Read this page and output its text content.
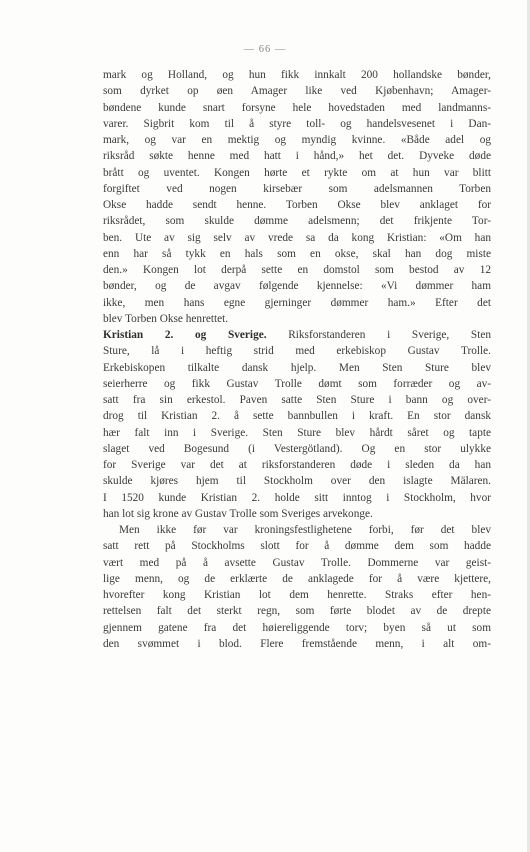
— 66 —
mark og Holland, og hun fikk innkalt 200 hollandske bønder,
som dyrket op øen Amager like ved Kjøbenhavn; Amager-
bøndene kunde snart forsyne hele hovedstaden med landmanns-
varer. Sigbrit kom til å styre toll- og handelsvesenet i Dan-
mark, og var en mektig og myndig kvinne. «Både adel og
riksråd søkte henne med hatt i hånd,» het det. Dyveke døde
brått og uventet. Kongen hørte et rykte om at hun var blitt
forgiftet ved nogen kirsebær som adelsmannen Torben
Okse hadde sendt henne. Torben Okse blev anklaget for
riksrådet, som skulde dømme adelsmenn; det frikjente Tor-
ben. Ute av sig selv av vrede sa da kong Kristian: «Om han
enn har så tykk en hals som en okse, skal han dog miste
den.» Kongen lot derpå sette en domstol som bestod av 12
bønder, og de avgav følgende kjennelse: «Vi dømmer ham
ikke, men hans egne gjerninger dømmer ham.» Efter det
blev Torben Okse henrettet.
Kristian 2. og Sverige. Riksforstanderen i Sverige, Sten
Sture, lå i heftig strid med erkebiskop Gustav Trolle.
Erkebiskopen tilkalte dansk hjelp. Men Sten Sture blev
seierherre og fikk Gustav Trolle dømt som forræder og av-
satt fra sin erkestol. Paven satte Sten Sture i bann og over-
drog til Kristian 2. å sette bannbullen i kraft. En stor dansk
hær falt inn i Sverige. Sten Sture blev hårdt såret og tapte
slaget ved Bogesund (i Vestergötland). Og en stor ulykke
for Sverige var det at riksforstanderen døde i sleden da han
skulde kjøres hjem til Stockholm over den islagte Mälaren.
I 1520 kunde Kristian 2. holde sitt inntog i Stockholm, hvor
han lot sig krone av Gustav Trolle som Sveriges arvekonge.
Men ikke før var kroningsfestlighetene forbi, før det blev
satt rett på Stockholms slott for å dømme dem som hadde
vært med på å avsette Gustav Trolle. Dommerne var geist-
lige menn, og de erklærte de anklagede for å være kjettere,
hvorefter kong Kristian lot dem henrette. Straks efter hen-
rettelsen falt det sterkt regn, som førte blodet av de drepte
gjennem gatene fra det høiereliggende torv; byen så ut som
den svømmet i blod. Flere fremstående menn, i alt om-
